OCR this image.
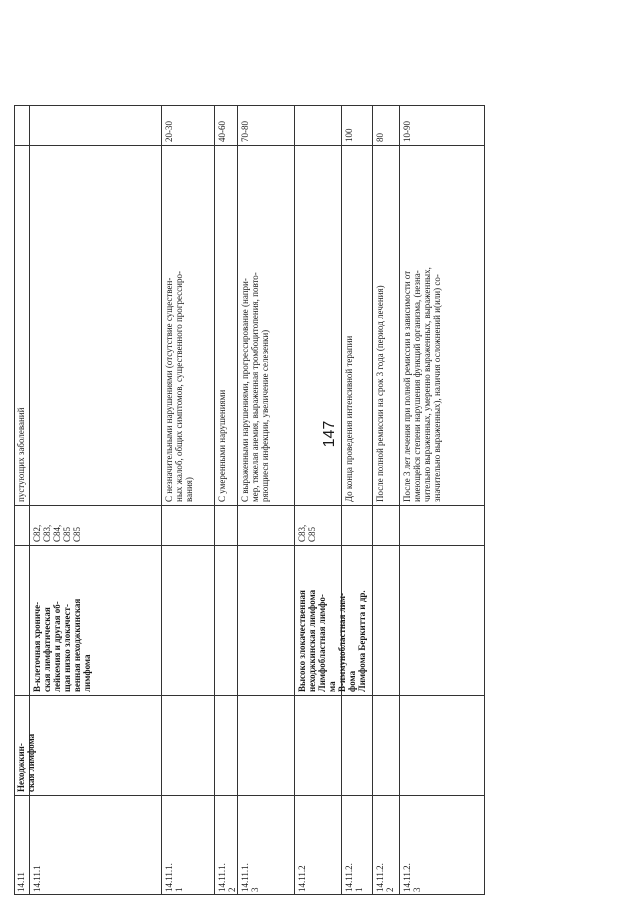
147
14.11
Неходжкин-
ская лимфома
14.11.1
В-клеточная хрониче-
ская лимфатическая
лейкемия и другая об-
щая низко злокачест-
венная неходжкинская
лимфома
C82,
C83,
C84, C85
C85
14.11.1.
1
С незначительными нарушениями (отсутствие существен-
ных жалоб, общих симптомов, существенного прогрессиро-
вания)
20-30
14.11.1.
2
С умеренными нарушениями
40-60
14.11.1.
3
С выраженными нарушениями, прогрессирование (напри-
мер, тяжелая анемия, выраженная тромбоцитопения, повто-
ряющиеся инфекции, увеличение селезенки)
70-80
14.11.2
Высоко злокачественная
неходжкинская лимфома
Лимфобластная лимфо-
ма
В-иммунобластная лим-
фома
Лимфома Беркитта и др.
C83,
C85
14.11.2.
1
До конца проведения интенсивной терапии
100
14.11.2.
2
После полной ремиссии на срок 3 года (период лечения)
80
14.11.2.
3
После 3 лет лечения при полной ремиссии в зависимости от
имеющейся степени нарушения функций организма, (незна-
чительно выраженных, умеренно выраженных, выраженных,
значительно выраженных), наличия осложнений и(или) со-
10-90
пустующих заболеваний
